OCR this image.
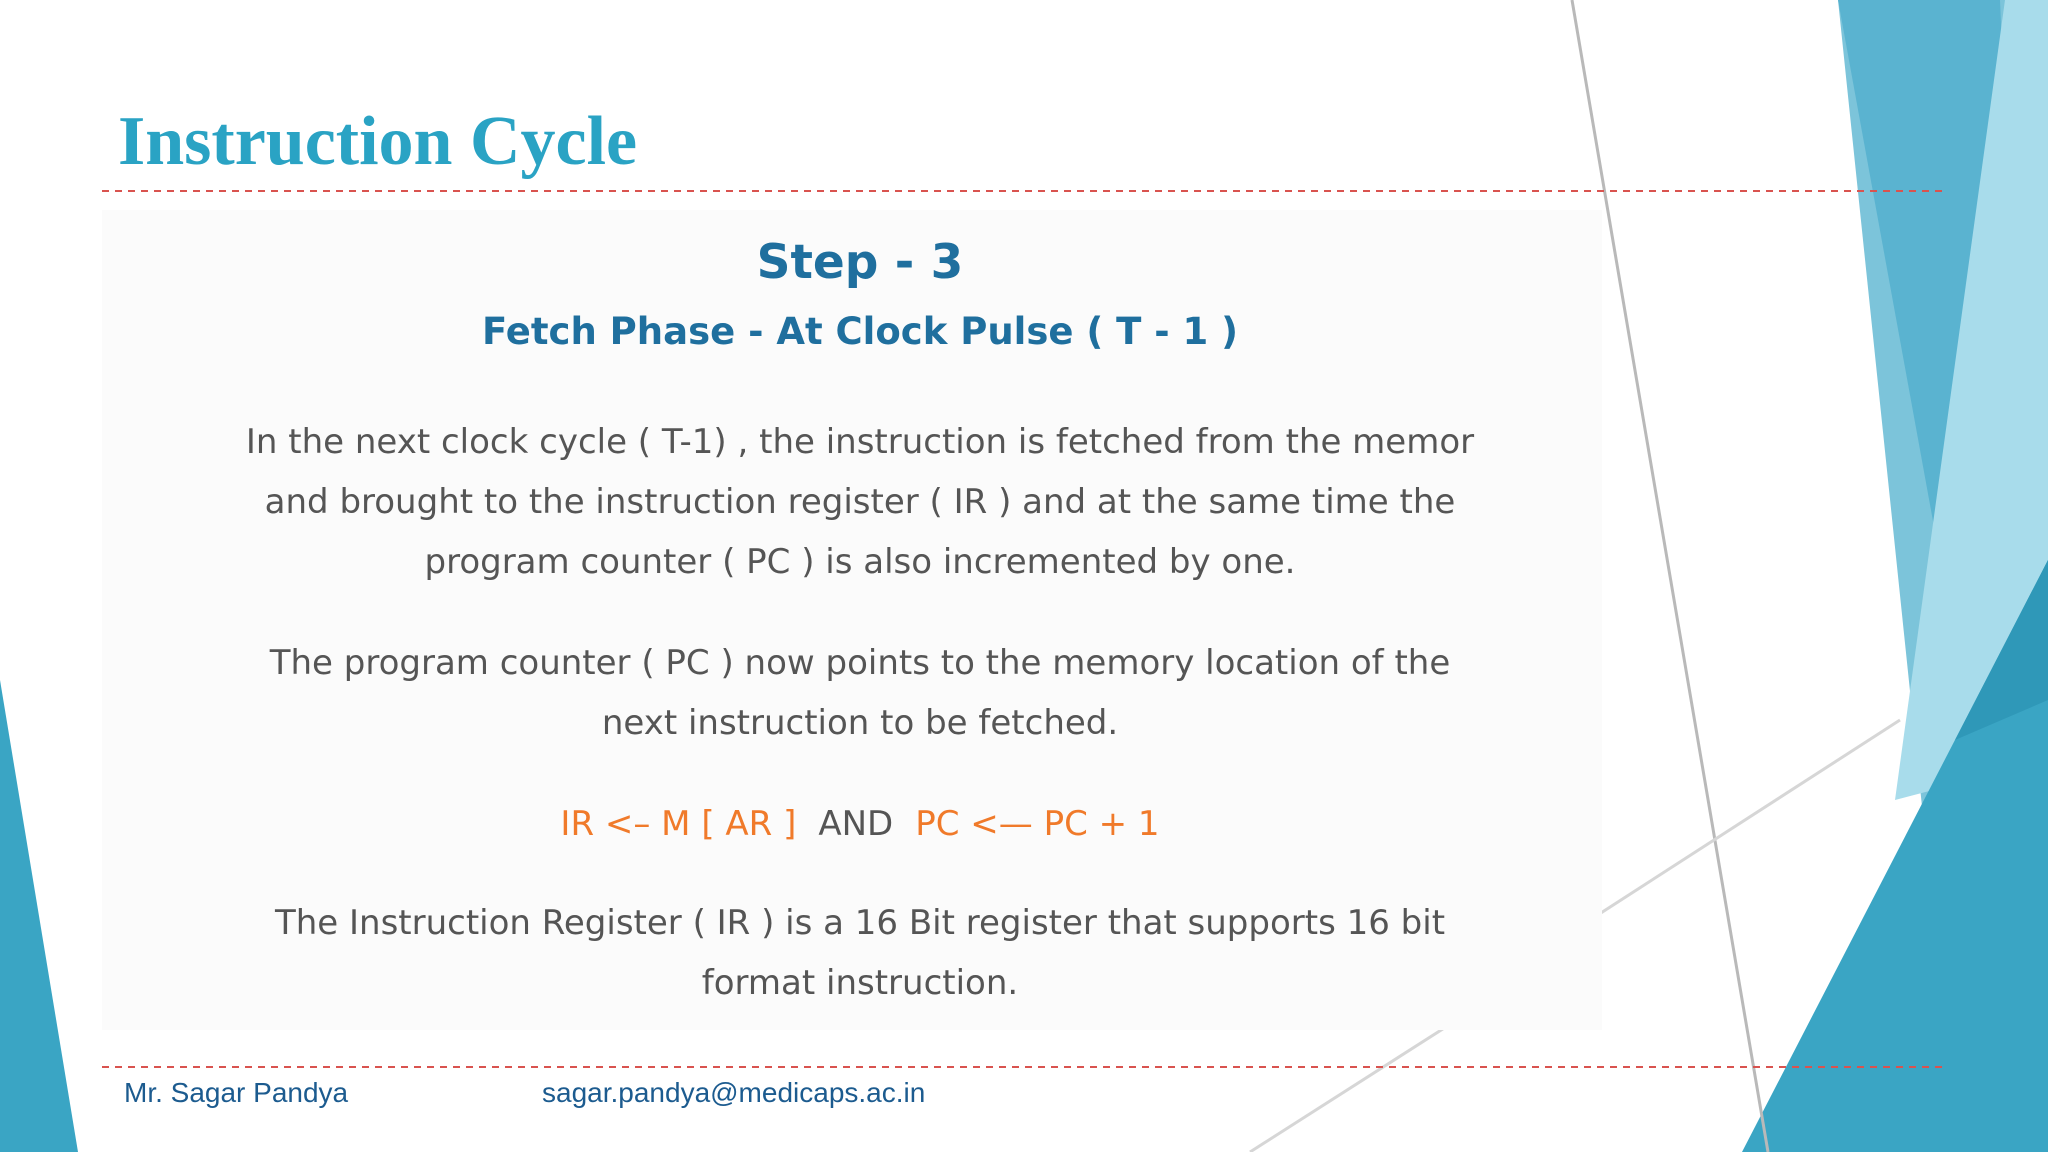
Instruction Cycle
Step - 3
Fetch Phase - At Clock Pulse ( T - 1 )

In the next clock cycle ( T-1) , the instruction is fetched from the memor
and brought to the instruction register ( IR ) and at the same time the
program counter ( PC ) is also incremented by one.

The program counter ( PC ) now points to the memory location of the
next instruction to be fetched.

IR <– M [ AR ] AND PC <— PC + 1

The Instruction Register ( IR ) is a 16 Bit register that supports 16 bit
format instruction.

Mr. Sagar Pandya	sagar.pandya@medicaps.ac.in
